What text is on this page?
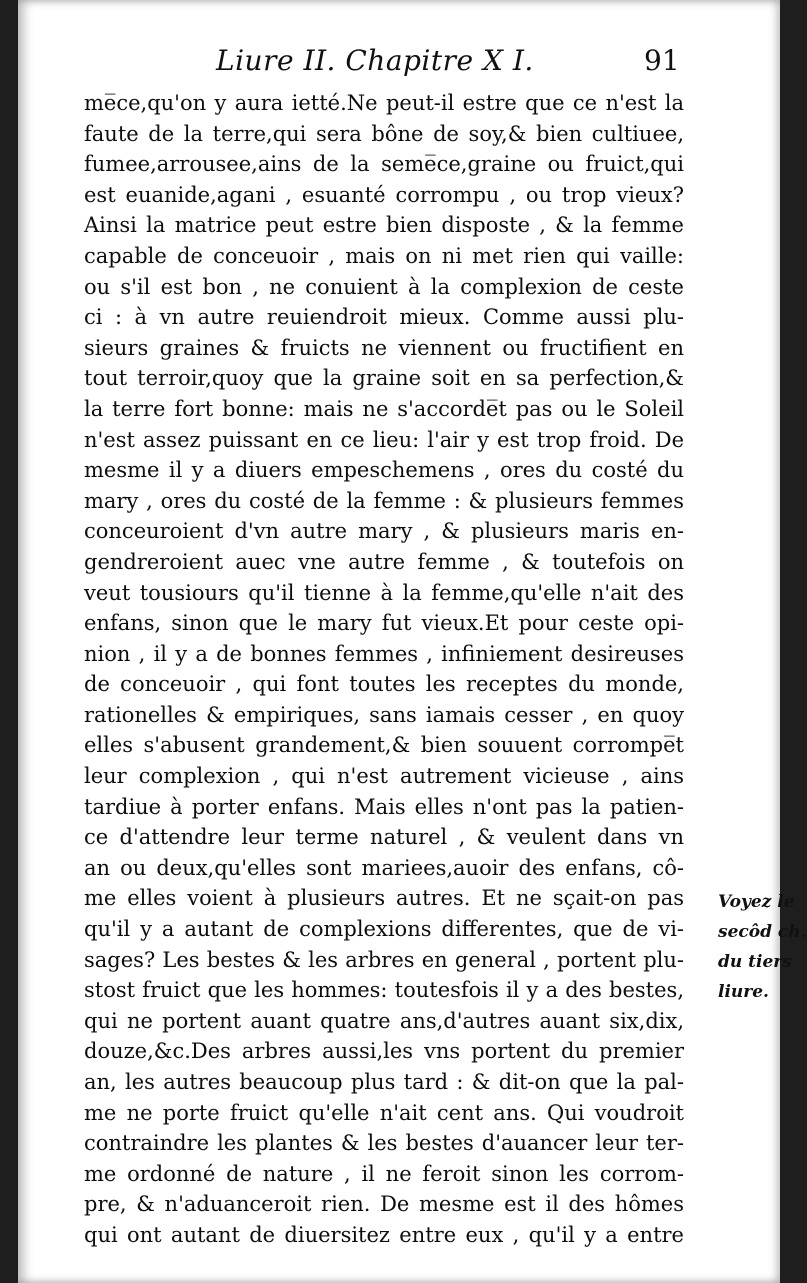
Liure II. Chapitre X I.	91
me̅ce,qu'on y aura ietté.Ne peut-il estre que ce n'est la
faute de la terre,qui sera bône de soy,& bien cultiuee,
fumee,arrousee,ains de la seme̅ce,graine ou fruict,qui
est euanide,agani , esuanté corrompu , ou trop vieux?
Ainsi la matrice peut estre bien disposte , & la femme
capable de conceuoir , mais on ni met rien qui vaille:
ou s'il est bon , ne conuient à la complexion de ceste
ci : à vn autre reuiendroit mieux. Comme aussi plu-
sieurs graines & fruicts ne viennent ou fructifient en
tout terroir,quoy que la graine soit en sa perfection,&
la terre fort bonne: mais ne s'accorde̅t pas ou le Soleil
n'est assez puissant en ce lieu: l'air y est trop froid. De
mesme il y a diuers empeschemens , ores du costé du
mary , ores du costé de la femme : & plusieurs femmes
conceuroient d'vn autre mary , & plusieurs maris en-
gendreroient auec vne autre femme , & toutefois on
veut tousiours qu'il tienne à la femme,qu'elle n'ait des
enfans, sinon que le mary fut vieux.Et pour ceste opi-
nion , il y a de bonnes femmes , infiniement desireuses
de conceuoir , qui font toutes les receptes du monde,
rationelles & empiriques, sans iamais cesser , en quoy
elles s'abusent grandement,& bien souuent corrompe̅t
leur complexion , qui n'est autrement vicieuse , ains
tardiue à porter enfans. Mais elles n'ont pas la patien-
ce d'attendre leur terme naturel , & veulent dans vn
an ou deux,qu'elles sont mariees,auoir des enfans, cô-
me elles voient à plusieurs autres. Et ne sçait-on pas
qu'il y a autant de complexions differentes, que de vi-
sages? Les bestes & les arbres en general , portent plu-
stost fruict que les hommes: toutesfois il y a des bestes,
qui ne portent auant quatre ans,d'autres auant six,dix,
douze,&c.Des arbres aussi,les vns portent du premier
an, les autres beaucoup plus tard : & dit-on que la pal-
me ne porte fruict qu'elle n'ait cent ans. Qui voudroit
contraindre les plantes & les bestes d'auancer leur ter-
me ordonné de nature , il ne feroit sinon les corrom-
pre, & n'aduanceroit rien. De mesme est il des hômes
qui ont autant de diuersitez entre eux , qu'il y a entre
Voyez le
secôd ch.
du tiers
liure.
